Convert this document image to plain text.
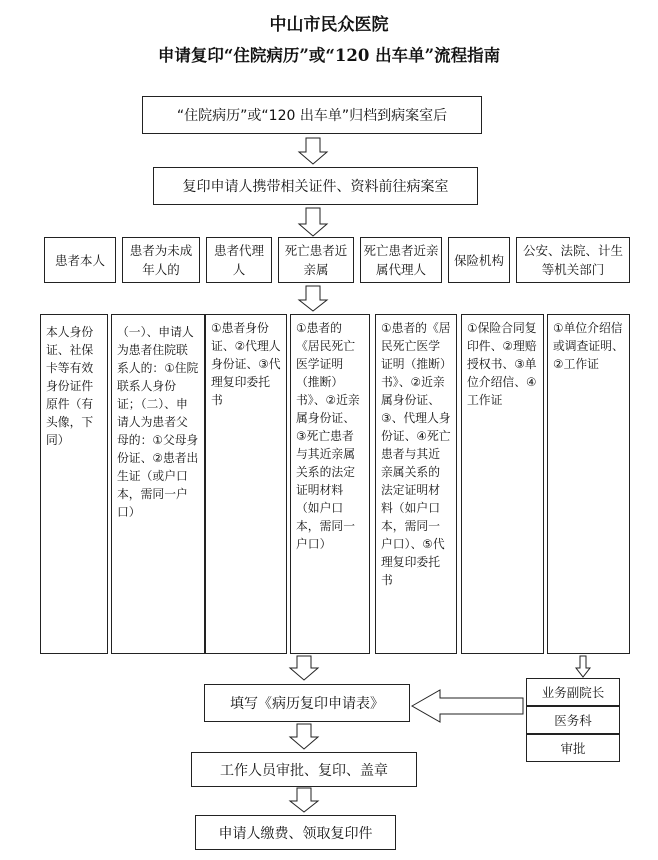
中山市民众医院
申请复印“住院病历”或“120 出车单”流程指南
“住院病历”或“120 出车单”归档到病案室后
复印申请人携带相关证件、资料前往病案室
患者本人
患者为未成年人的
患者代理人
死亡患者近亲属
死亡患者近亲属代理人
保险机构
公安、法院、计生等机关部门
本人身份证、社保卡等有效身份证件原件（有头像，下同）
（一）、申请人为患者住院联系人的：①住院联系人身份证；（二）、申请人为患者父母的：①父母身份证、②患者出生证（或户口本，需同一户口）
①患者身份证、②代理人身份证、③代理复印委托书
①患者的《居民死亡医学证明（推断）书》、②近亲属身份证、③死亡患者与其近亲属关系的法定证明材料（如户口本，需同一户口）
①患者的《居民死亡医学证明（推断）书》、②近亲属身份证、③、代理人身份证、④死亡患者与其近亲属关系的法定证明材料（如户口本，需同一户口）、⑤代理复印委托书
①保险合同复印件、②理赔授权书、③单位介绍信、④工作证
①单位介绍信或调查证明、②工作证
填写《病历复印申请表》
工作人员审批、复印、盖章
申请人缴费、领取复印件
业务副院长
医务科
审批
